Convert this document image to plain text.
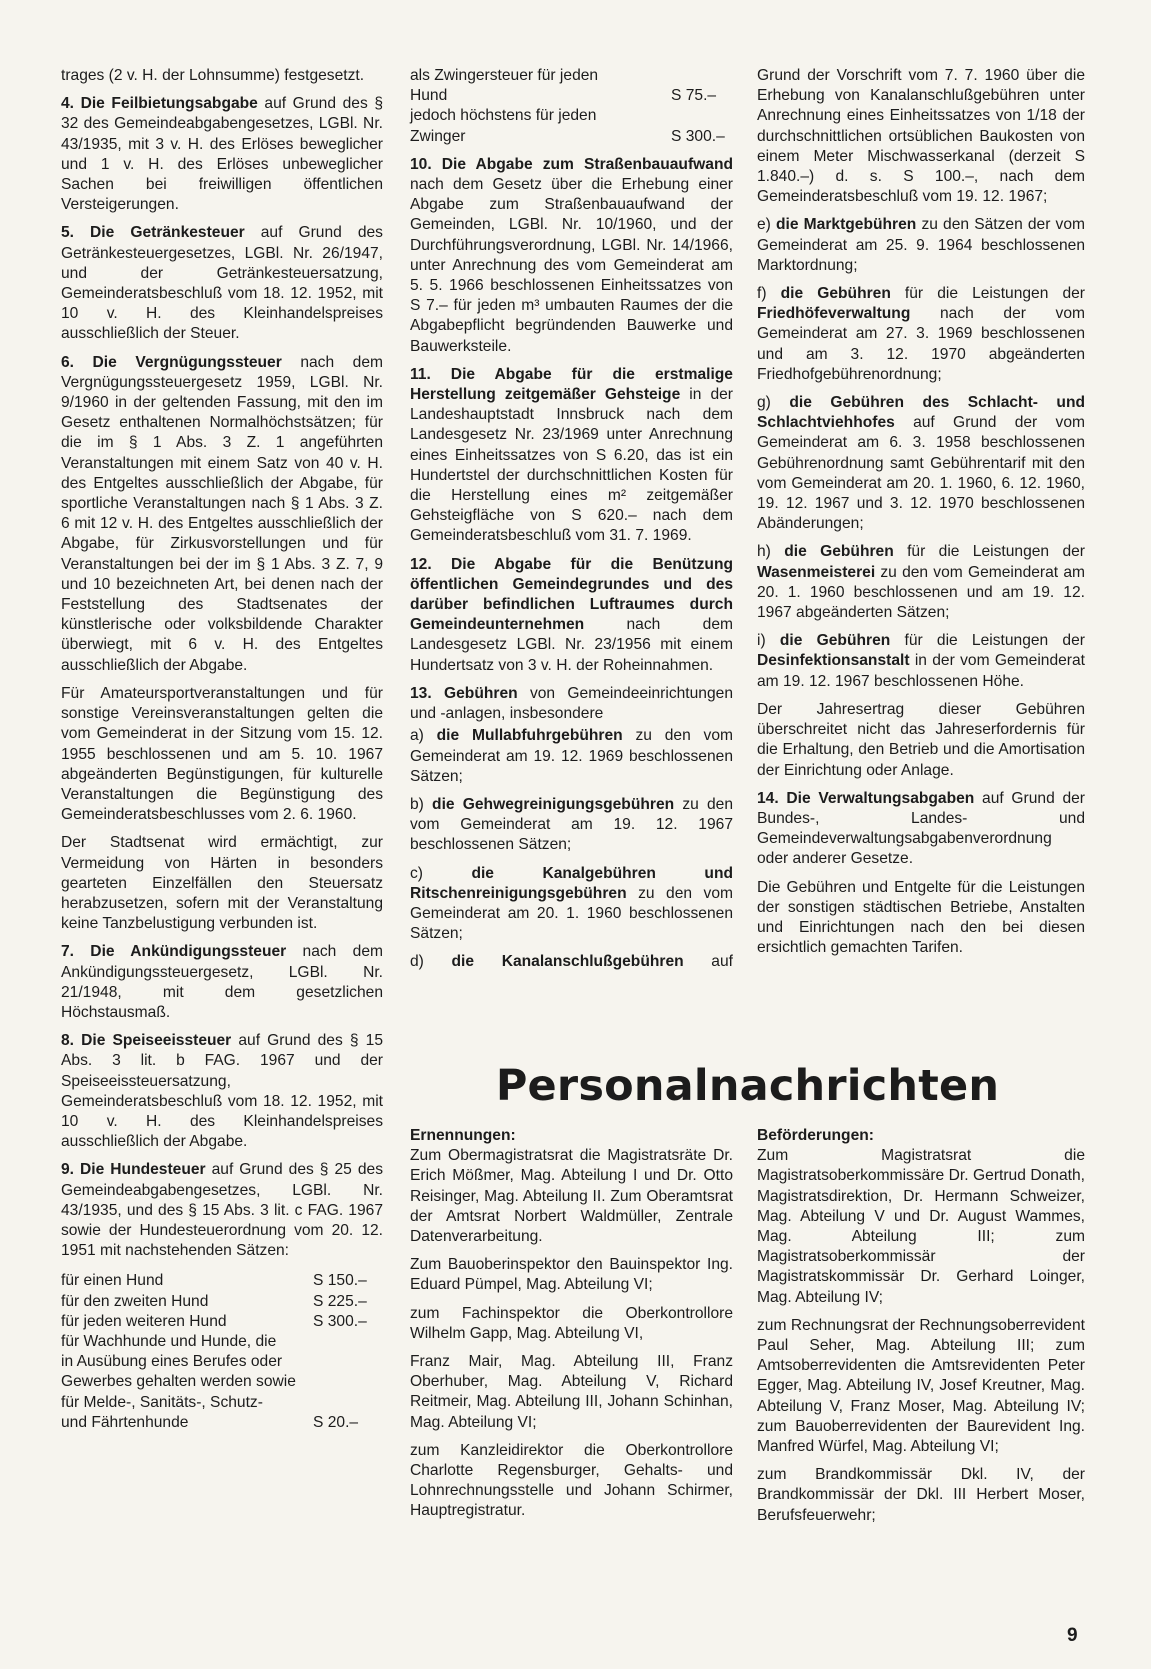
trages (2 v. H. der Lohnsumme) festgesetzt.

4. Die Feilbietungsabgabe auf Grund des § 32 des Gemeindeabgabengesetzes, LGBl. Nr. 43/1935, mit 3 v. H. des Erlöses beweglicher und 1 v. H. des Erlöses unbeweglicher Sachen bei freiwilligen öffentlichen Versteigerungen.

5. Die Getränkesteuer auf Grund des Getränkesteuergesetzes, LGBl. Nr. 26/1947, und der Getränkesteuersatzung, Gemeinderatsbeschluß vom 18. 12. 1952, mit 10 v. H. des Kleinhandelspreises ausschließlich der Steuer.

6. Die Vergnügungssteuer nach dem Vergnügungssteuergesetz 1959, LGBl. Nr. 9/1960 in der geltenden Fassung, mit den im Gesetz enthaltenen Normalhöchstsätzen; für die im § 1 Abs. 3 Z. 1 angeführten Veranstaltungen mit einem Satz von 40 v. H. des Entgeltes ausschließlich der Abgabe, für sportliche Veranstaltungen nach § 1 Abs. 3 Z. 6 mit 12 v. H. des Entgeltes ausschließlich der Abgabe, für Zirkusvorstellungen und für Veranstaltungen bei der im § 1 Abs. 3 Z. 7, 9 und 10 bezeichneten Art, bei denen nach der Feststellung des Stadtsenates der künstlerische oder volksbildende Charakter überwiegt, mit 6 v. H. des Entgeltes ausschließlich der Abgabe.

Für Amateursportveranstaltungen und für sonstige Vereinsveranstaltungen gelten die vom Gemeinderat in der Sitzung vom 15. 12. 1955 beschlossenen und am 5. 10. 1967 abgeänderten Begünstigungen, für kulturelle Veranstaltungen die Begünstigung des Gemeinderatsbeschlusses vom 2. 6. 1960.

Der Stadtsenat wird ermächtigt, zur Vermeidung von Härten in besonders gearteten Einzelfällen den Steuersatz herabzusetzen, sofern mit der Veranstaltung keine Tanzbelustigung verbunden ist.

7. Die Ankündigungssteuer nach dem Ankündigungssteuergesetz, LGBl. Nr. 21/1948, mit dem gesetzlichen Höchstausmaß.

8. Die Speiseeissteuer auf Grund des § 15 Abs. 3 lit. b FAG. 1967 und der Speiseeissteuersatzung, Gemeinderatsbeschluß vom 18. 12. 1952, mit 10 v. H. des Kleinhandelspreises ausschließlich der Abgabe.

9. Die Hundesteuer auf Grund des § 25 des Gemeindeabgabengesetzes, LGBl. Nr. 43/1935, und des § 15 Abs. 3 lit. c FAG. 1967 sowie der Hundesteuerordnung vom 20. 12. 1951 mit nachstehenden Sätzen:

für einen Hund	S 150.–
für den zweiten Hund	S 225.–
für jeden weiteren Hund	S 300.–
für Wachhunde und Hunde, die
in Ausübung eines Berufes oder
Gewerbes gehalten werden sowie
für Melde-, Sanitäts-, Schutz-
und Fährtenhunde	S 20.–
als Zwingersteuer für jeden
Hund	S 75.–
jedoch höchstens für jeden
Zwinger	S 300.–

10. Die Abgabe zum Straßenbauaufwand nach dem Gesetz über die Erhebung einer Abgabe zum Straßenbauaufwand der Gemeinden, LGBl. Nr. 10/1960, und der Durchführungsverordnung, LGBl. Nr. 14/1966, unter Anrechnung des vom Gemeinderat am 5. 5. 1966 beschlossenen Einheitssatzes von S 7.– für jeden m³ umbauten Raumes der die Abgabepflicht begründenden Bauwerke und Bauwerksteile.

11. Die Abgabe für die erstmalige Herstellung zeitgemäßer Gehsteige in der Landeshauptstadt Innsbruck nach dem Landesgesetz Nr. 23/1969 unter Anrechnung eines Einheitssatzes von S 6.20, das ist ein Hundertstel der durchschnittlichen Kosten für die Herstellung eines m² zeitgemäßer Gehsteigfläche von S 620.– nach dem Gemeinderatsbeschluß vom 31. 7. 1969.

12. Die Abgabe für die Benützung öffentlichen Gemeindegrundes und des darüber befindlichen Luftraumes durch Gemeindeunternehmen nach dem Landesgesetz LGBl. Nr. 23/1956 mit einem Hundertsatz von 3 v. H. der Roheinnahmen.

13. Gebühren von Gemeindeeinrichtungen und -anlagen, insbesondere

a) die Mullabfuhrgebühren zu den vom Gemeinderat am 19. 12. 1969 beschlossenen Sätzen;

b) die Gehwegreinigungsgebühren zu den vom Gemeinderat am 19. 12. 1967 beschlossenen Sätzen;

c) die Kanalgebühren und Ritschenreinigungsgebühren zu den vom Gemeinderat am 20. 1. 1960 beschlossenen Sätzen;

d) die Kanalanschlußgebühren auf

Grund der Vorschrift vom 7. 7. 1960 über die Erhebung von Kanalanschlußgebühren unter Anrechnung eines Einheitssatzes von 1/18 der durchschnittlichen ortsüblichen Baukosten von einem Meter Mischwasserkanal (derzeit S 1.840.–) d. s. S 100.–, nach dem Gemeinderatsbeschluß vom 19. 12. 1967;

e) die Marktgebühren zu den Sätzen der vom Gemeinderat am 25. 9. 1964 beschlossenen Marktordnung;

f) die Gebühren für die Leistungen der Friedhöfeverwaltung nach der vom Gemeinderat am 27. 3. 1969 beschlossenen und am 3. 12. 1970 abgeänderten Friedhofgebührenordnung;

g) die Gebühren des Schlacht- und Schlachtviehhofes auf Grund der vom Gemeinderat am 6. 3. 1958 beschlossenen Gebührenordnung samt Gebührentarif mit den vom Gemeinderat am 20. 1. 1960, 6. 12. 1960, 19. 12. 1967 und 3. 12. 1970 beschlossenen Abänderungen;

h) die Gebühren für die Leistungen der Wasenmeisterei zu den vom Gemeinderat am 20. 1. 1960 beschlossenen und am 19. 12. 1967 abgeänderten Sätzen;

i) die Gebühren für die Leistungen der Desinfektionsanstalt in der vom Gemeinderat am 19. 12. 1967 beschlossenen Höhe.

Der Jahresertrag dieser Gebühren überschreitet nicht das Jahreserfordernis für die Erhaltung, den Betrieb und die Amortisation der Einrichtung oder Anlage.

14. Die Verwaltungsabgaben auf Grund der Bundes-, Landes- und Gemeindeverwaltungsabgabenverordnung oder anderer Gesetze.

Die Gebühren und Entgelte für die Leistungen der sonstigen städtischen Betriebe, Anstalten und Einrichtungen nach den bei diesen ersichtlich gemachten Tarifen.

Personalnachrichten
Ernennungen:

Zum Obermagistratsrat die Magistratsräte Dr. Erich Mößmer, Mag. Abteilung I und Dr. Otto Reisinger, Mag. Abteilung II. Zum Oberamtsrat der Amtsrat Norbert Waldmüller, Zentrale Datenverarbeitung.

Zum Bauoberinspektor den Bauinspektor Ing. Eduard Pümpel, Mag. Abteilung VI;

zum Fachinspektor die Oberkontrollore Wilhelm Gapp, Mag. Abteilung VI,

Franz Mair, Mag. Abteilung III, Franz Oberhuber, Mag. Abteilung V, Richard Reitmeir, Mag. Abteilung III, Johann Schinhan, Mag. Abteilung VI;

zum Kanzleidirektor die Oberkontrollore Charlotte Regensburger, Gehalts- und Lohnrechnungsstelle und Johann Schirmer, Hauptregistratur.

Beförderungen:

Zum Magistratsrat die Magistratsoberkommissäre Dr. Gertrud Donath, Magistratsdirektion, Dr. Hermann Schweizer, Mag. Abteilung V und Dr. August Wammes, Mag. Abteilung III; zum Magistratsoberkommissär der Magistratskommissär Dr. Gerhard Loinger, Mag. Abteilung IV;

zum Rechnungsrat der Rechnungsoberrevident Paul Seher, Mag. Abteilung III; zum Amtsoberrevidenten die Amtsrevidenten Peter Egger, Mag. Abteilung IV, Josef Kreutner, Mag. Abteilung V, Franz Moser, Mag. Abteilung IV; zum Bauoberrevidenten der Baurevident Ing. Manfred Würfel, Mag. Abteilung VI;

zum Brandkommissär Dkl. IV, der Brandkommissär der Dkl. III Herbert Moser, Berufsfeuerwehr;

9
